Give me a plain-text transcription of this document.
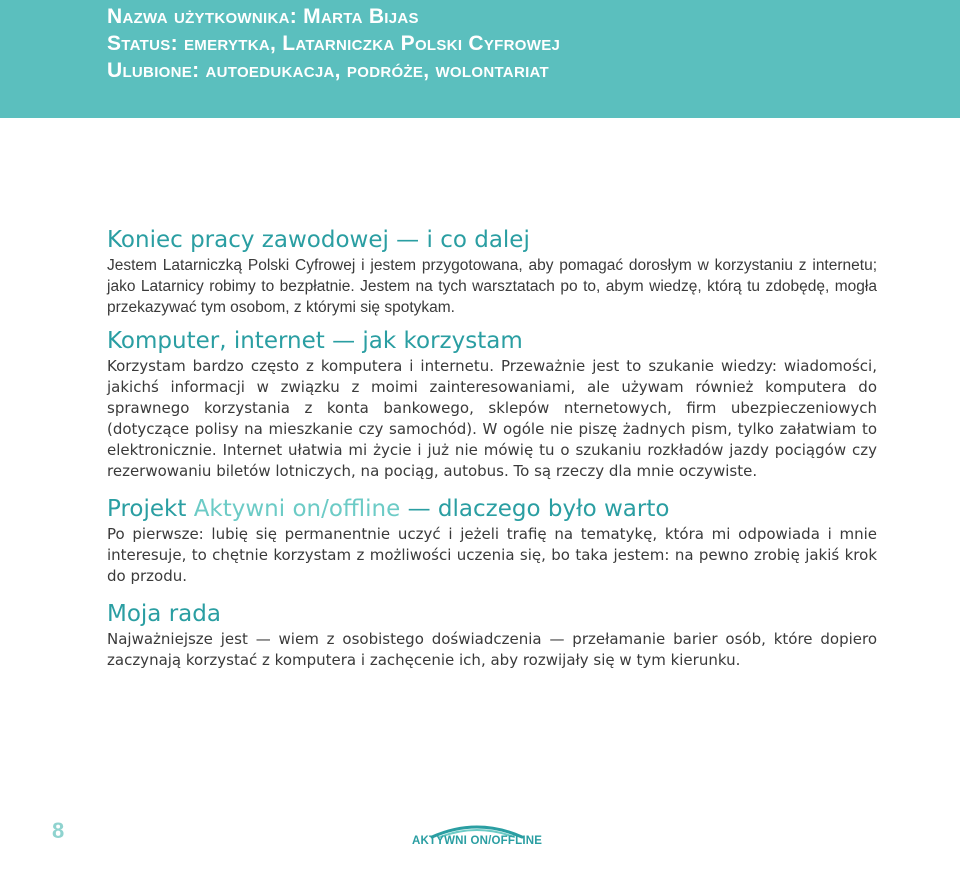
Nazwa użytkownika: Marta Bijas
Status: emerytka, Latarniczka Polski Cyfrowej
Ulubione: autoedukacja, podróże, wolontariat
Koniec pracy zawodowej — i co dalej

Jestem Latarniczką Polski Cyfrowej i jestem przygotowana, aby pomagać dorosłym w korzystaniu z internetu; jako Latarnicy robimy to bezpłatnie. Jestem na tych warsztatach po to, abym wiedzę, którą tu zdobędę, mogła przekazywać tym osobom, z którymi się spotykam.

Komputer, internet — jak korzystam

Korzystam bardzo często z komputera i internetu. Przeważnie jest to szukanie wiedzy: wiadomości, jakichś informacji w związku z moimi zainteresowaniami, ale używam również komputera do sprawnego korzystania z konta bankowego, sklepów nternetowych, firm ubezpieczeniowych (dotyczące polisy na mieszkanie czy samochód). W ogóle nie piszę żadnych pism, tylko załatwiam to elektronicznie. Internet ułatwia mi życie i już nie mówię tu o szukaniu rozkładów jazdy pociągów czy rezerwowaniu biletów lotniczych, na pociąg, autobus. To są rzeczy dla mnie oczywiste.

Projekt Aktywni on/offline — dlaczego było warto

Po pierwsze: lubię się permanentnie uczyć i jeżeli trafię na tematykę, która mi odpowiada i mnie interesuje, to chętnie korzystam z możliwości uczenia się, bo taka jestem: na pewno zrobię jakiś krok do przodu.

Moja rada

Najważniejsze jest — wiem z osobistego doświadczenia — przełamanie barier osób, które dopiero zaczynają korzystać z komputera i zachęcenie ich, aby rozwijały się w tym kierunku.

8	AKTYWNI ON/OFFLINE
